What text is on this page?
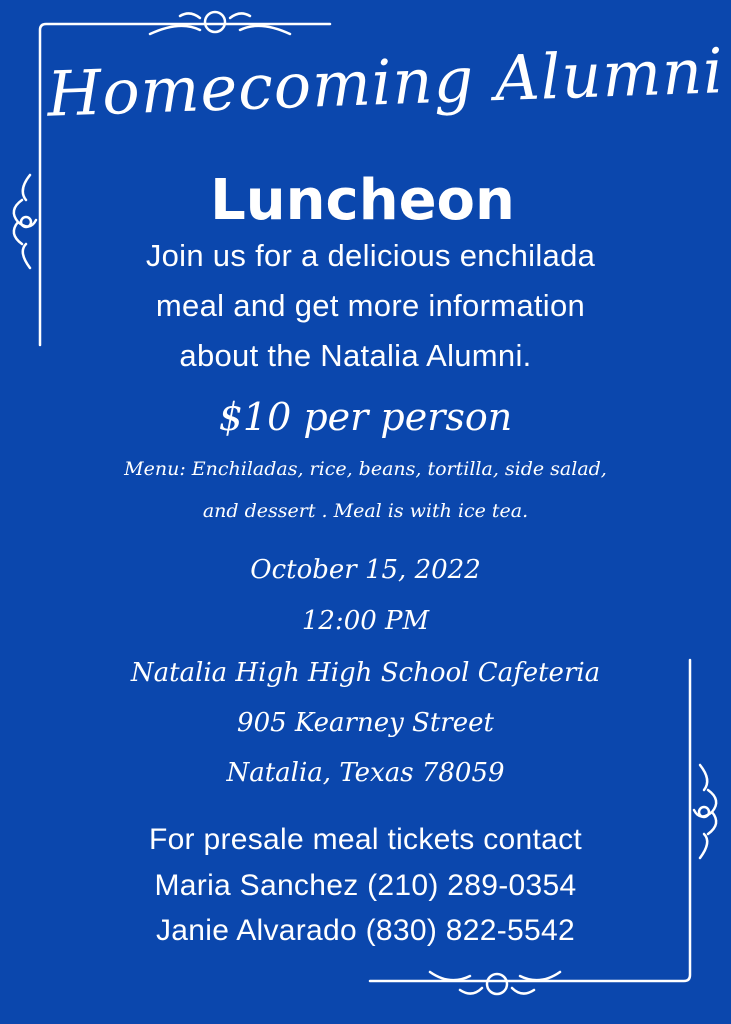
Homecoming Alumni
Luncheon
Join us for a delicious enchilada
meal and get more information
about the Natalia Alumni.
$10 per person
Menu: Enchiladas, rice, beans, tortilla, side salad,
and dessert . Meal is with ice tea.
October 15, 2022
12:00 PM
Natalia High High School Cafeteria
905 Kearney Street
Natalia, Texas 78059
For presale meal tickets contact
Maria Sanchez (210) 289-0354
Janie Alvarado (830) 822-5542
